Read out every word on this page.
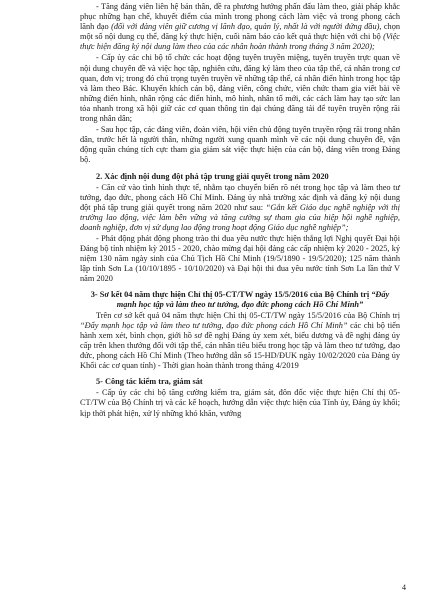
- Tăng đảng viên liên hệ bản thân, đề ra phương hướng phấn đấu làm theo, giải pháp khắc phục những hạn chế, khuyết điểm của mình trong phong cách làm việc và trong phong cách lãnh đạo (đối với đảng viên giữ cương vị lãnh đạo, quản lý, nhất là với người đứng đầu), chọn một số nội dung cụ thể, đăng ký thực hiện, cuối năm báo cáo kết quả thực hiện với chi bộ (Việc thực hiện đăng ký nội dung làm theo của các nhân hoàn thành trong tháng 3 năm 2020);

- Cấp ủy các chi bộ tổ chức các hoạt động tuyên truyền miệng, tuyên truyền trực quan về nội dung chuyên đề và việc học tập, nghiên cứu, đăng ký làm theo của tập thể, cá nhân trong cơ quan, đơn vị; trong đó chú trọng tuyên truyền về những tập thể, cá nhân điển hình trong học tập và làm theo Bác. Khuyến khích cán bộ, đảng viên, công chức, viên chức tham gia viết bài về những điển hình, nhân rộng các điển hình, mô hình, nhân tố mới, các cách làm hay tạo sức lan tỏa nhanh trong xã hội giữ các cơ quan thông tin đại chúng đăng tải để tuyên truyền rộng rãi trong nhân dân;

- Sau học tập, các đảng viên, đoàn viên, hội viên chủ động tuyên truyền rộng rãi trong nhân dân, trước hết là người thân, những người xung quanh mình về các nội dung chuyên đề, vận động quần chúng tích cực tham gia giám sát việc thực hiện của cán bộ, đảng viên trong Đảng bộ.

2. Xác định nội dung đột phá tập trung giải quyết trong năm 2020

- Căn cứ vào tình hình thực tế, nhằm tạo chuyển biến rõ nét trong học tập và làm theo tư tưởng, đạo đức, phong cách Hồ Chí Minh. Đảng ủy nhà trường xác định và đăng ký nội dung đột phá tập trung giải quyết trong năm 2020 như sau: “Gắn kết Giáo dục nghề nghiệp với thị trường lao động, việc làm bền vững và tăng cường sự tham gia của hiệp hội nghề nghiệp, doanh nghiệp, đơn vị sử dụng lao động trong hoạt động Giáo dục nghề nghiệp”;

- Phát động phát động phong trào thi đua yêu nước thực hiện thắng lợi Nghị quyết Đại hội Đảng bộ tỉnh nhiệm kỳ 2015 - 2020, chào mừng đại hội đảng các cấp nhiệm kỳ 2020 - 2025, kỷ niệm 130 năm ngày sinh của Chủ Tịch Hồ Chí Minh (19/5/1890 - 19/5/2020); 125 năm thành lập tỉnh Sơn La (10/10/1895 - 10/10/2020) và Đại hội thi đua yêu nước tỉnh Sơn La lần thứ V năm 2020

3- Sơ kết 04 năm thực hiện Chỉ thị 05-CT/TW ngày 15/5/2016 của Bộ Chính trị “Đẩy mạnh học tập và làm theo tư tưởng, đạo đức phong cách Hồ Chí Minh”

Trên cơ sở kết quả 04 năm thực hiện Chỉ thị 05-CT/TW ngày 15/5/2016 của Bộ Chính trị “Đẩy mạnh học tập và làm theo tư tưởng, đạo đức phong cách Hồ Chí Minh” các chi bộ tiến hành xem xét, bình chọn, giới hồ sơ đề nghị Đảng ủy xem xét, biểu dương và đề nghị đảng ủy cấp trên khen thưởng đối với tập thể, cán nhân tiêu biểu trong học tập và làm theo tư tưởng, đạo đức, phong cách Hồ Chí Minh (Theo hướng dẫn số 15-HD/ĐUK ngày 10/02/2020 của Đảng ủy Khối các cơ quan tỉnh) - Thời gian hoàn thành trong tháng 4/2019

5- Công tác kiểm tra, giám sát

- Cấp ủy các chi bộ tăng cường kiểm tra, giám sát, đôn đốc việc thực hiện Chỉ thị 05-CT/TW của Bộ Chính trị và các kế hoạch, hướng dẫn việc thực hiện của Tỉnh ủy, Đảng ủy khối; kịp thời phát hiện, xử lý những khó khăn, vướng

4
